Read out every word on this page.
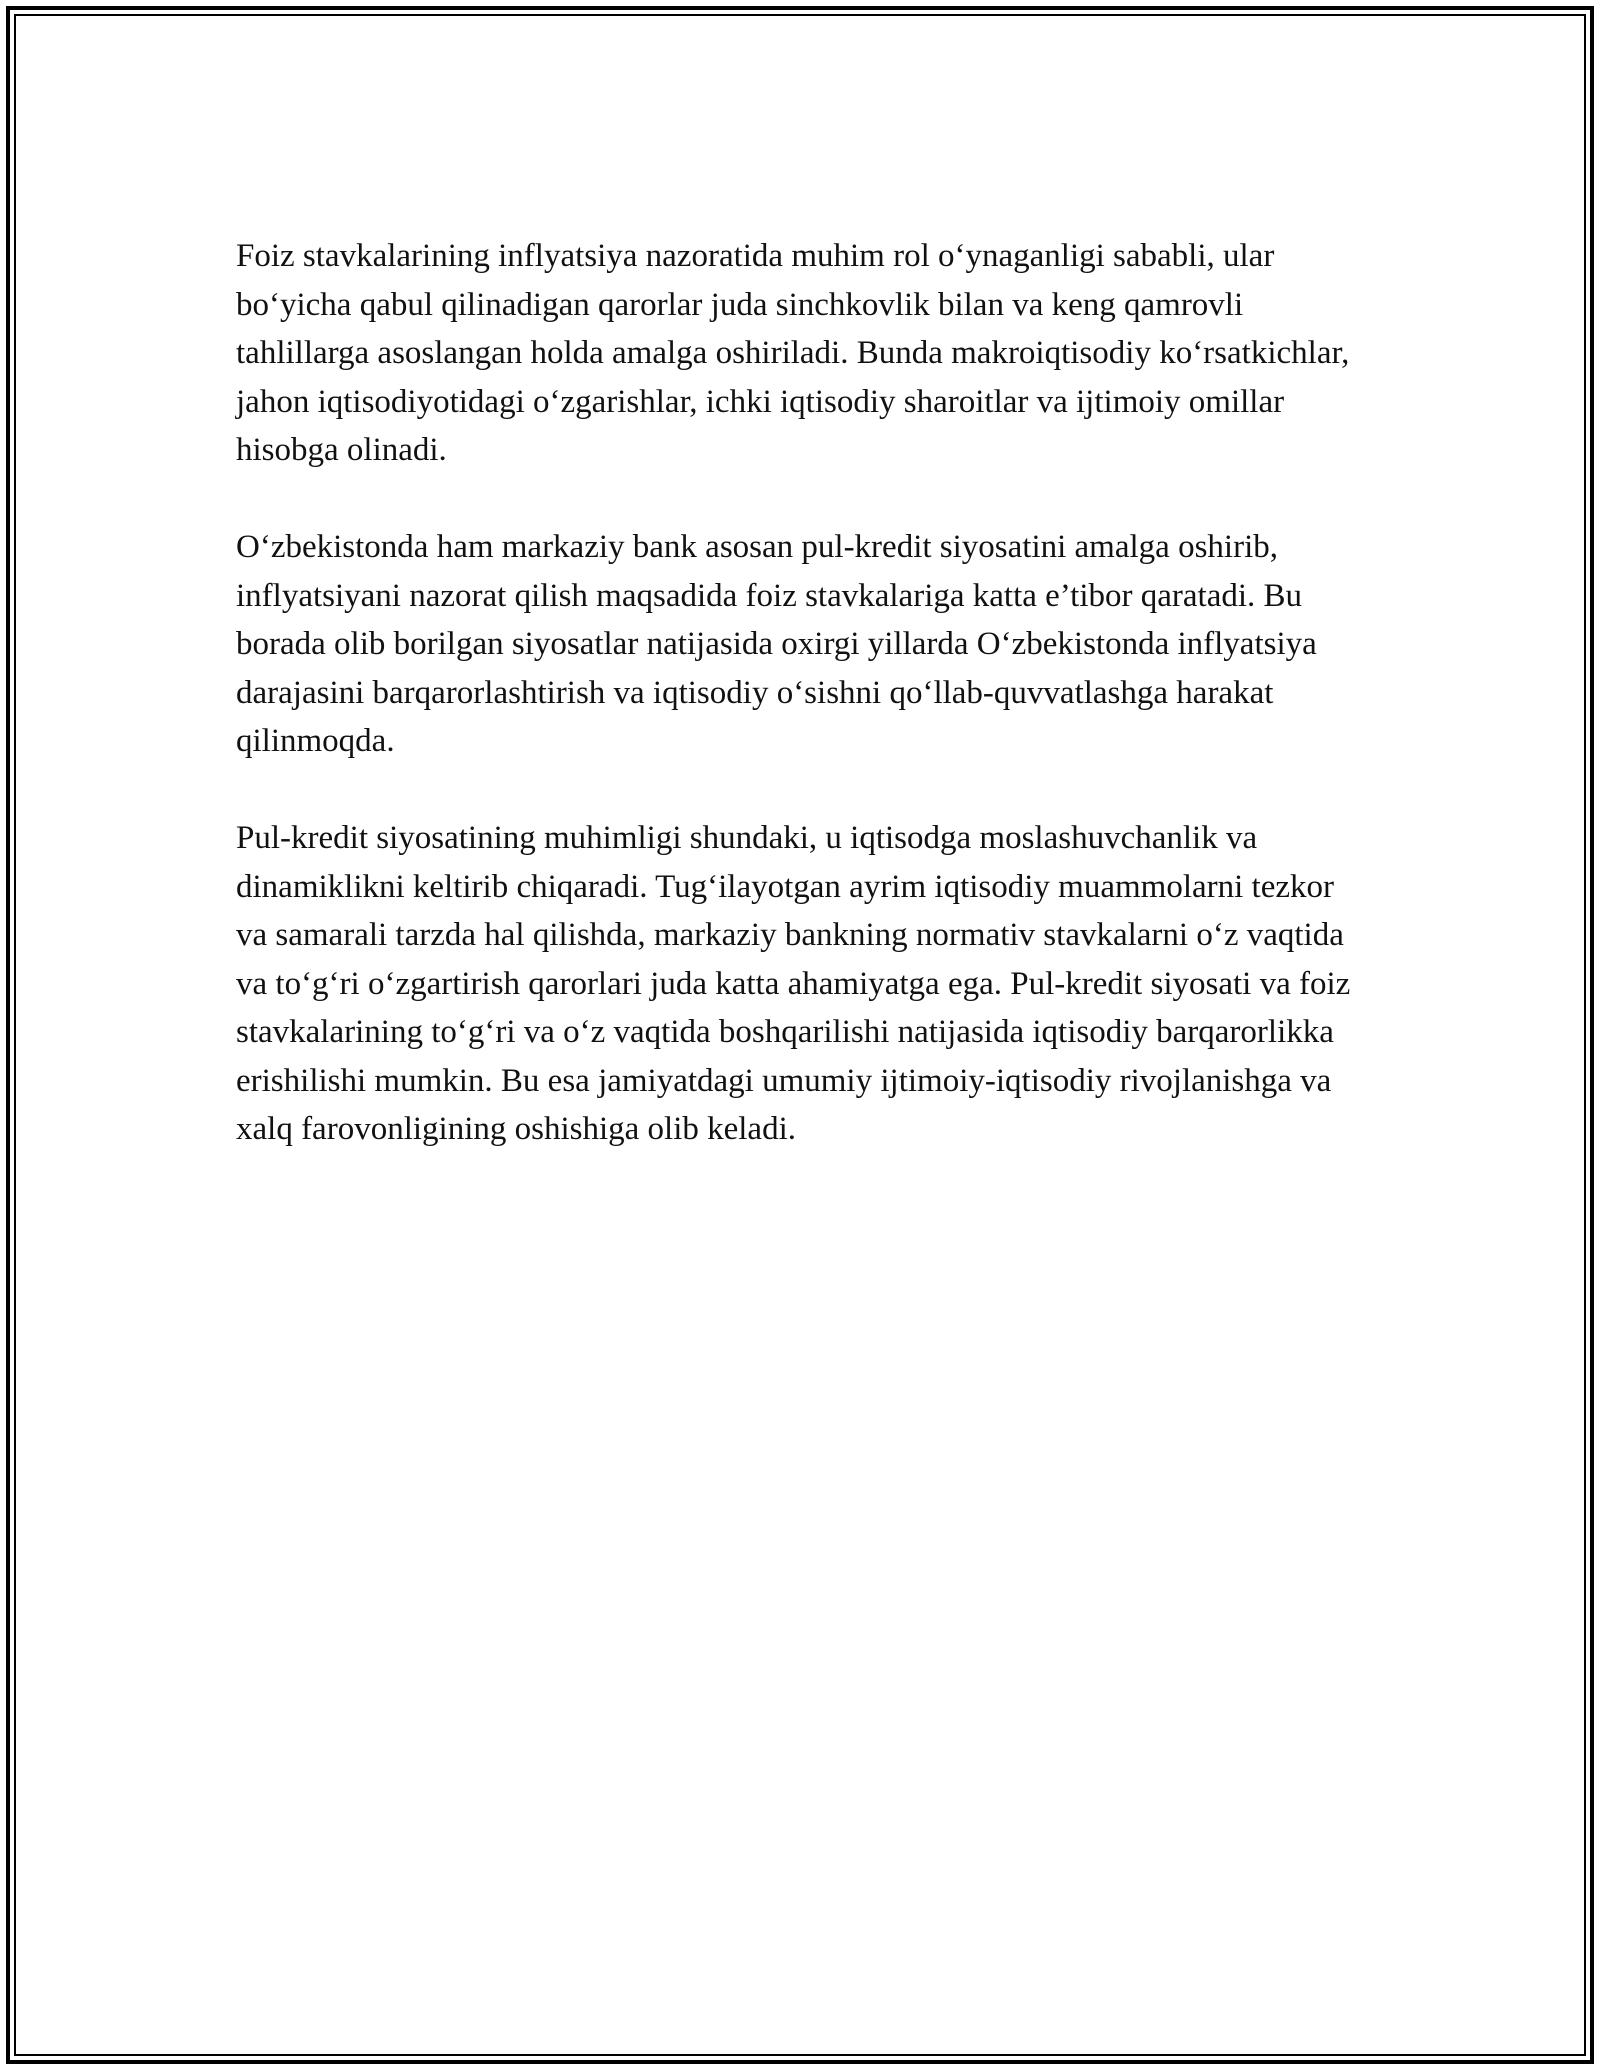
Foiz stavkalarining inflyatsiya nazoratida muhim rol o‘ynaganligi sababli, ular bo‘yicha qabul qilinadigan qarorlar juda sinchkovlik bilan va keng qamrovli tahlillarga asoslangan holda amalga oshiriladi. Bunda makroiqtisodiy ko‘rsatkichlar, jahon iqtisodiyotidagi o‘zgarishlar, ichki iqtisodiy sharoitlar va ijtimoiy omillar hisobga olinadi.

O‘zbekistonda ham markaziy bank asosan pul-kredit siyosatini amalga oshirib, inflyatsiyani nazorat qilish maqsadida foiz stavkalariga katta e’tibor qaratadi. Bu borada olib borilgan siyosatlar natijasida oxirgi yillarda O‘zbekistonda inflyatsiya darajasini barqarorlashtirish va iqtisodiy o‘sishni qo‘llab-quvvatlashga harakat qilinmoqda.

Pul-kredit siyosatining muhimligi shundaki, u iqtisodga moslashuvchanlik va dinamiklikni keltirib chiqaradi. Tug‘ilayotgan ayrim iqtisodiy muammolarni tezkor va samarali tarzda hal qilishda, markaziy bankning normativ stavkalarni o‘z vaqtida va to‘g‘ri o‘zgartirish qarorlari juda katta ahamiyatga ega. Pul-kredit siyosati va foiz stavkalarining to‘g‘ri va o‘z vaqtida boshqarilishi natijasida iqtisodiy barqarorlikka erishilishi mumkin. Bu esa jamiyatdagi umumiy ijtimoiy-iqtisodiy rivojlanishga va xalq farovonligining oshishiga olib keladi.
